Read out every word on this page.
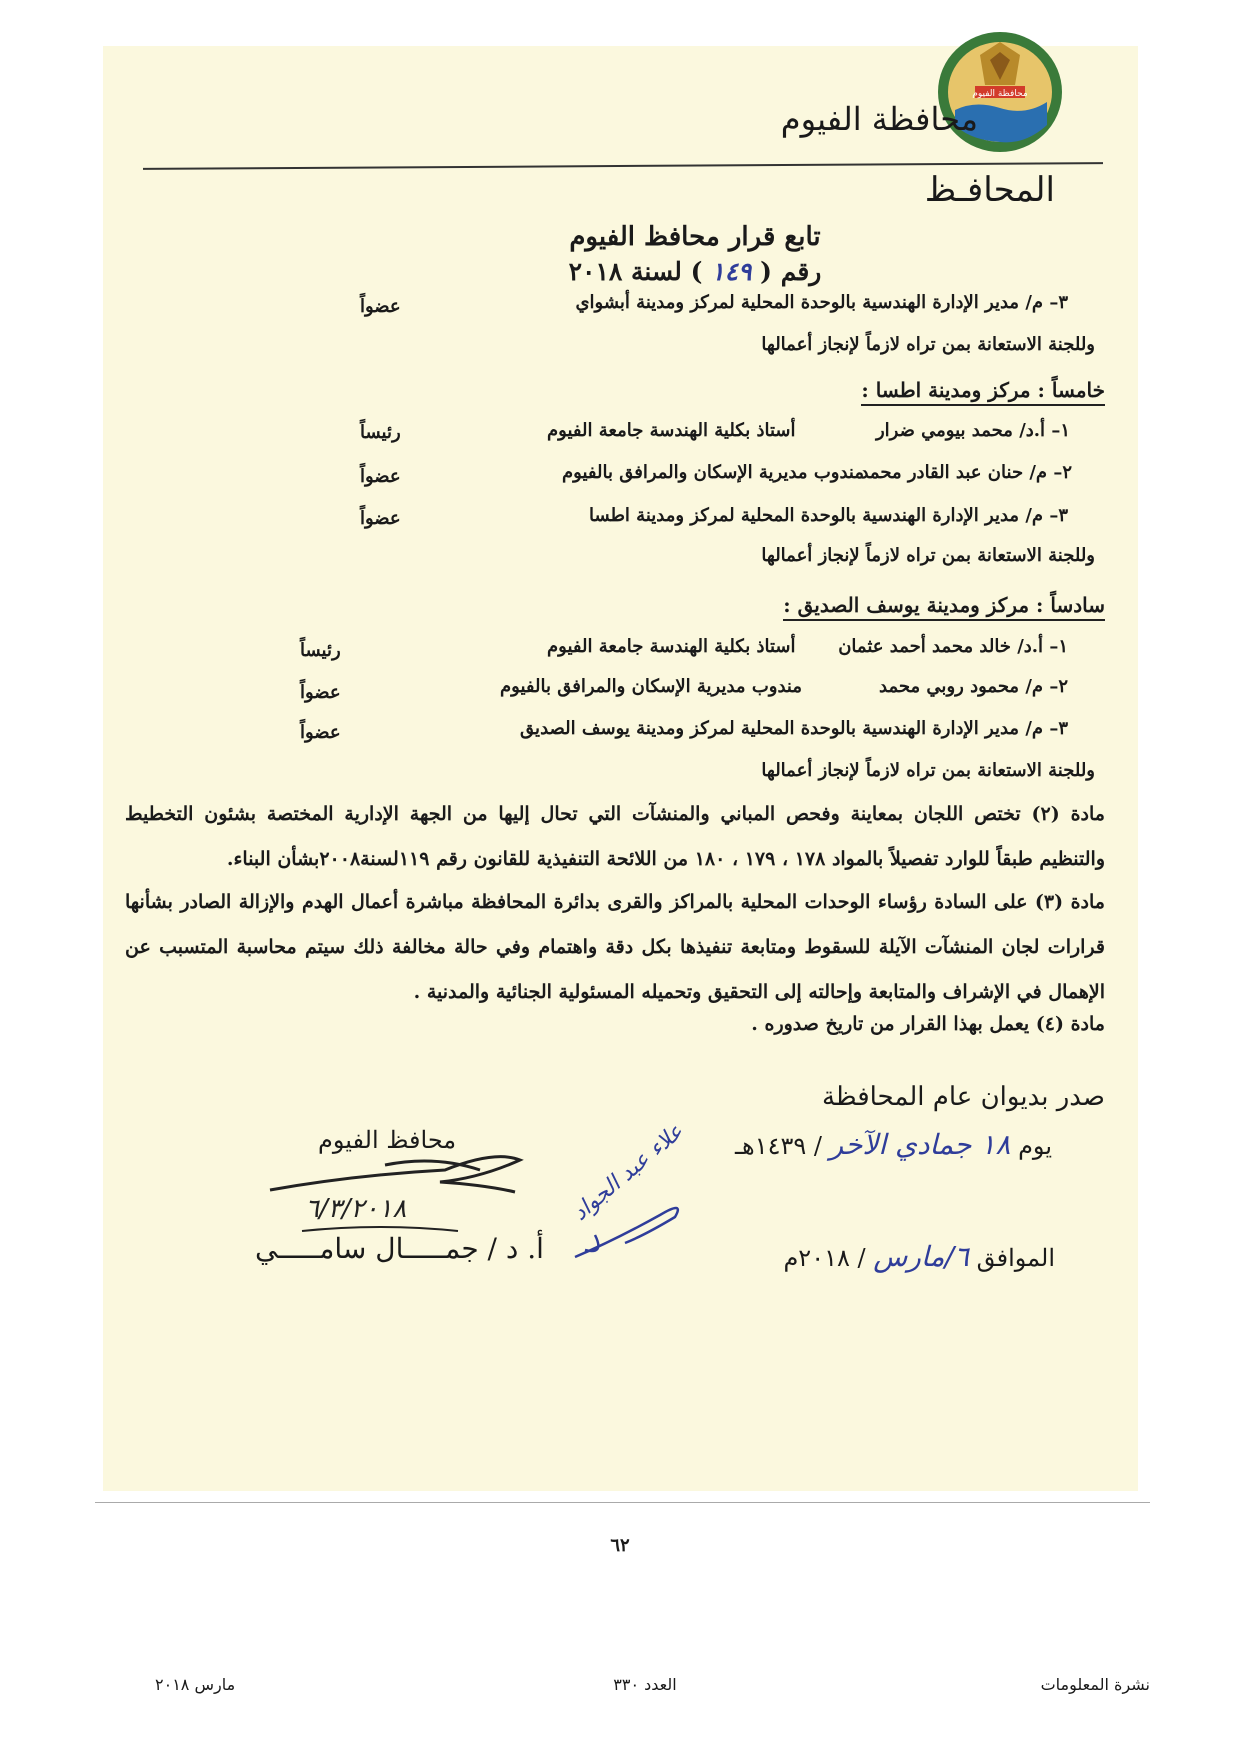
محافظة الفيوم
محافظة الفيوم
المحافـظ
تابع قرار محافظ الفيوم
رقم ( ١٤٩ ) لسنة ٢٠١٨
٣– م/ مدير الإدارة الهندسية بالوحدة المحلية لمركز ومدينة أبشواي
عضواً
وللجنة الاستعانة بمن تراه لازماً لإنجاز أعمالها
خامساً : مركز ومدينة اطسا :
١– أ.د/ محمد بيومي ضرار
أستاذ بكلية الهندسة جامعة الفيوم
رئيساً
٢– م/ حنان عبد القادر محمد
مندوب مديرية الإسكان والمرافق بالفيوم
عضواً
٣– م/ مدير الإدارة الهندسية بالوحدة المحلية لمركز ومدينة اطسا
عضواً
وللجنة الاستعانة بمن تراه لازماً لإنجاز أعمالها
سادساً : مركز ومدينة يوسف الصديق :
١– أ.د/ خالد محمد أحمد عثمان
أستاذ بكلية الهندسة جامعة الفيوم
رئيساً
٢– م/ محمود روبي محمد
مندوب مديرية الإسكان والمرافق بالفيوم
عضواً
٣– م/ مدير الإدارة الهندسية بالوحدة المحلية لمركز ومدينة يوسف الصديق
عضواً
وللجنة الاستعانة بمن تراه لازماً لإنجاز أعمالها
مادة (٢) تختص اللجان بمعاينة وفحص المباني والمنشآت التي تحال إليها من الجهة الإدارية المختصة بشئون التخطيط والتنظيم طبقاً للوارد تفصيلاً بالمواد ١٧٨ ، ١٧٩ ، ١٨٠ من اللائحة التنفيذية للقانون رقم ١١٩لسنة٢٠٠٨بشأن البناء.
مادة (٣) على السادة رؤساء الوحدات المحلية بالمراكز والقرى بدائرة المحافظة مباشرة أعمال الهدم والإزالة الصادر بشأنها قرارات لجان المنشآت الآيلة للسقوط ومتابعة تنفيذها بكل دقة واهتمام وفي حالة مخالفة ذلك سيتم محاسبة المتسبب عن الإهمال في الإشراف والمتابعة وإحالته إلى التحقيق وتحميله المسئولية الجنائية والمدنية .
مادة (٤) يعمل بهذا القرار من تاريخ صدوره .
صدر بديوان عام المحافظة
يوم ١٨ جمادي الآخر / ١٤٣٩هـ
الموافق ٦/مارس / ٢٠١٨م
محافظ الفيوم
٦/٣/٢٠١٨
أ. د / جمـــــال سامـــــي
علاء عبد الجواد
٦٢
نشرة المعلومات
العدد ٣٣٠
مارس ٢٠١٨
